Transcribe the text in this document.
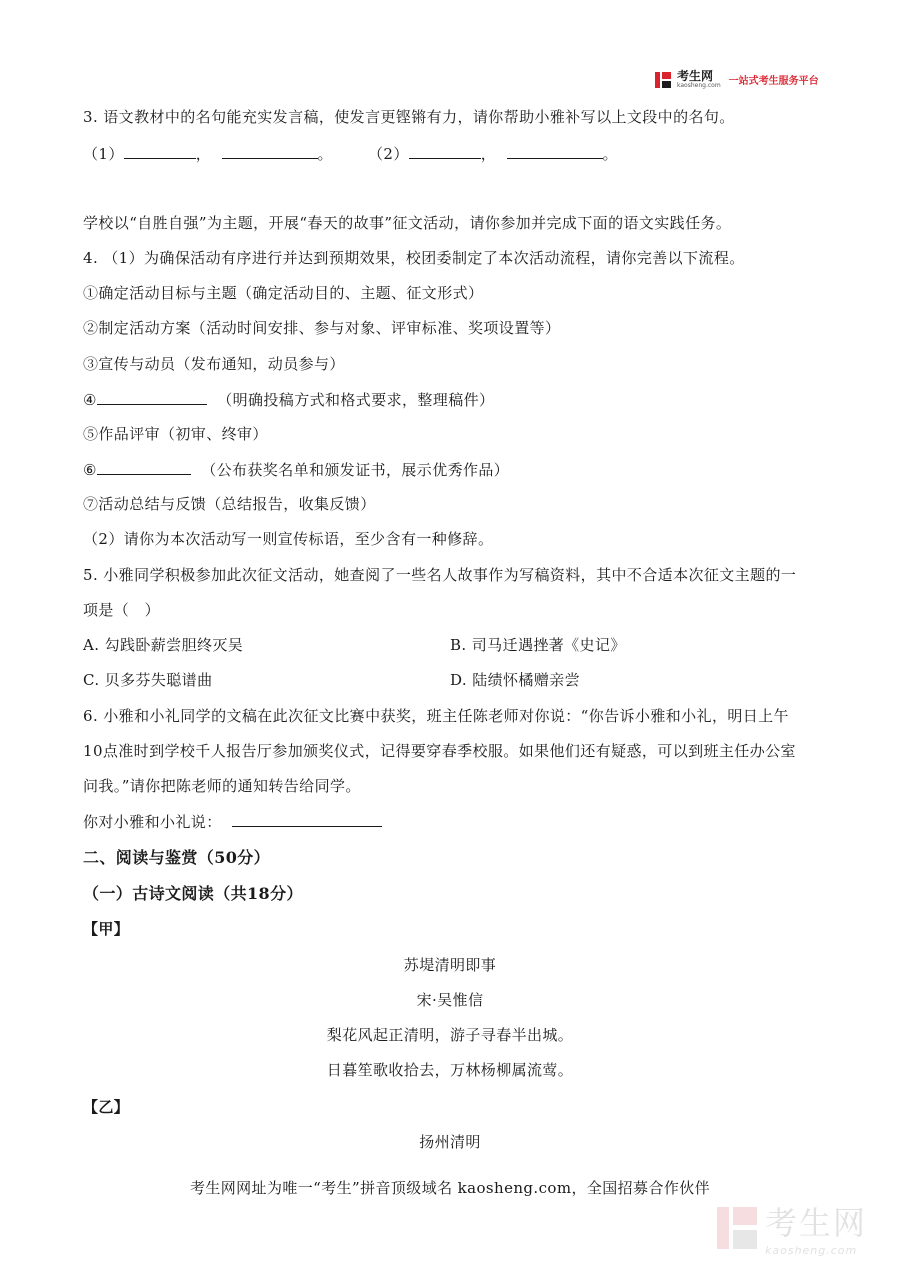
考生网
kaosheng.com 一站式考生服务平台
3. 语文教材中的名句能充实发言稿，使发言更铿锵有力，请你帮助小雅补写以上文段中的名句。
（1）	，	。 （2）	，	。
学校以“自胜自强”为主题，开展“春天的故事”征文活动，请你参加并完成下面的语文实践任务。
4. （1）为确保活动有序进行并达到预期效果，校团委制定了本次活动流程，请你完善以下流程。
①确定活动目标与主题（确定活动目的、主题、征文形式）
②制定活动方案（活动时间安排、参与对象、评审标准、奖项设置等）
③宣传与动员（发布通知，动员参与）
④	（明确投稿方式和格式要求，整理稿件）
⑤作品评审（初审、终审）
⑥	（公布获奖名单和颁发证书，展示优秀作品）
⑦活动总结与反馈（总结报告，收集反馈）
（2）请你为本次活动写一则宣传标语，至少含有一种修辞。
5. 小雅同学积极参加此次征文活动，她查阅了一些名人故事作为写稿资料，其中不合适本次征文主题的一
项是（　）
A. 勾践卧薪尝胆终灭吴	B. 司马迁遇挫著《史记》
C. 贝多芬失聪谱曲	D. 陆绩怀橘赠亲尝
6. 小雅和小礼同学的文稿在此次征文比赛中获奖，班主任陈老师对你说：“你告诉小雅和小礼，明日上午
10点准时到学校千人报告厅参加颁奖仪式，记得要穿春季校服。如果他们还有疑惑，可以到班主任办公室
问我。”请你把陈老师的通知转告给同学。
你对小雅和小礼说：
二、阅读与鉴赏（50分）
（一）古诗文阅读（共18分）
【甲】
苏堤清明即事
宋·吴惟信
梨花风起正清明，游子寻春半出城。
日暮笙歌收拾去，万林杨柳属流莺。
【乙】
扬州清明
考生网网址为唯一“考生”拼音顶级域名 kaosheng.com，全国招募合作伙伴
考生网
kaosheng.com
